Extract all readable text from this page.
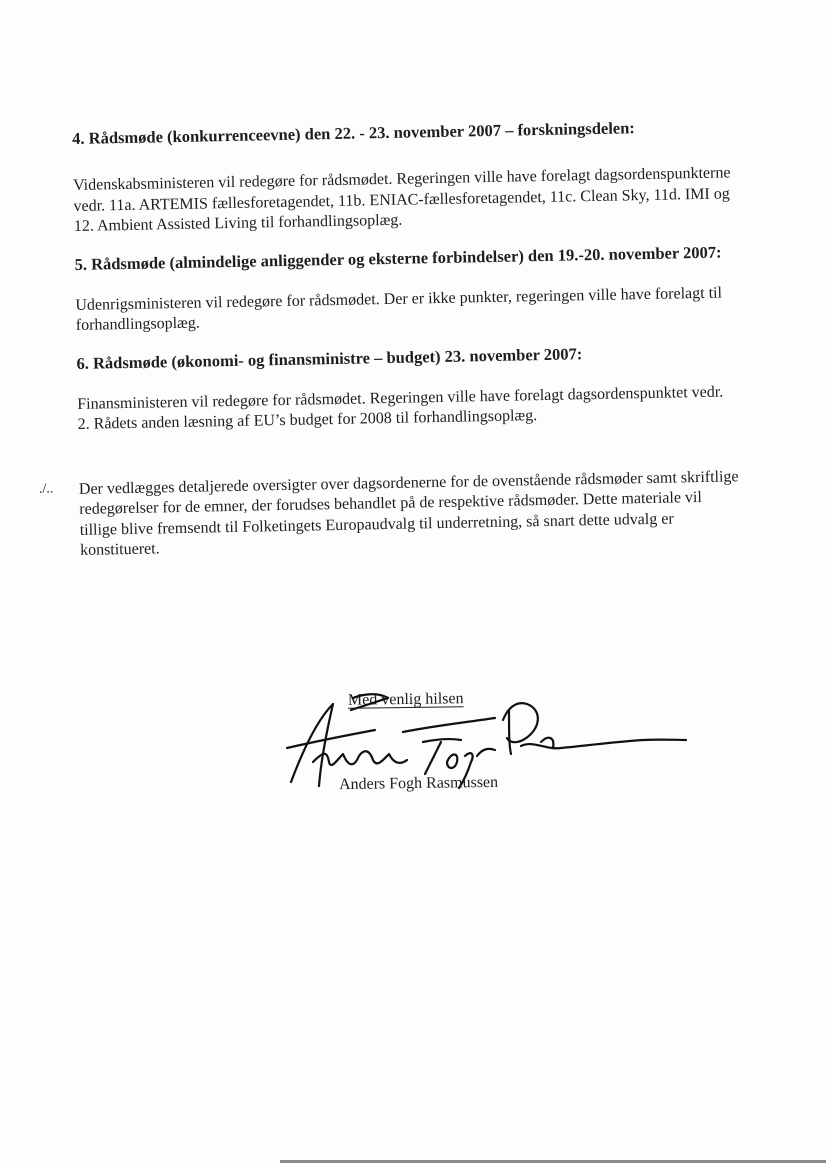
4. Rådsmøde (konkurrenceevne) den 22. - 23. november 2007 – forskningsdelen:

Videnskabsministeren vil redegøre for rådsmødet. Regeringen ville have forelagt dagsordenspunkterne vedr. 11a. ARTEMIS fællesforetagendet, 11b. ENIAC-fællesforetagendet, 11c. Clean Sky, 11d. IMI og 12. Ambient Assisted Living til forhandlingsoplæg.

5. Rådsmøde (almindelige anliggender og eksterne forbindelser) den 19.-20. november 2007:

Udenrigsministeren vil redegøre for rådsmødet. Der er ikke punkter, regeringen ville have forelagt til forhandlingsoplæg.

6. Rådsmøde (økonomi- og finansministre – budget) 23. november 2007:

Finansministeren vil redegøre for rådsmødet. Regeringen ville have forelagt dagsordenspunktet vedr. 2. Rådets anden læsning af EU’s budget for 2008 til forhandlingsoplæg.

./.. Der vedlægges detaljerede oversigter over dagsordenerne for de ovenstående rådsmøder samt skriftlige redegørelser for de emner, der forudses behandlet på de respektive rådsmøder. Dette materiale vil tilligе blive fremsendt til Folketingets Europaudvalg til underretning, så snart dette udvalg er konstitueret.

Med venlig hilsen
Anders Fogh Rasmussen
